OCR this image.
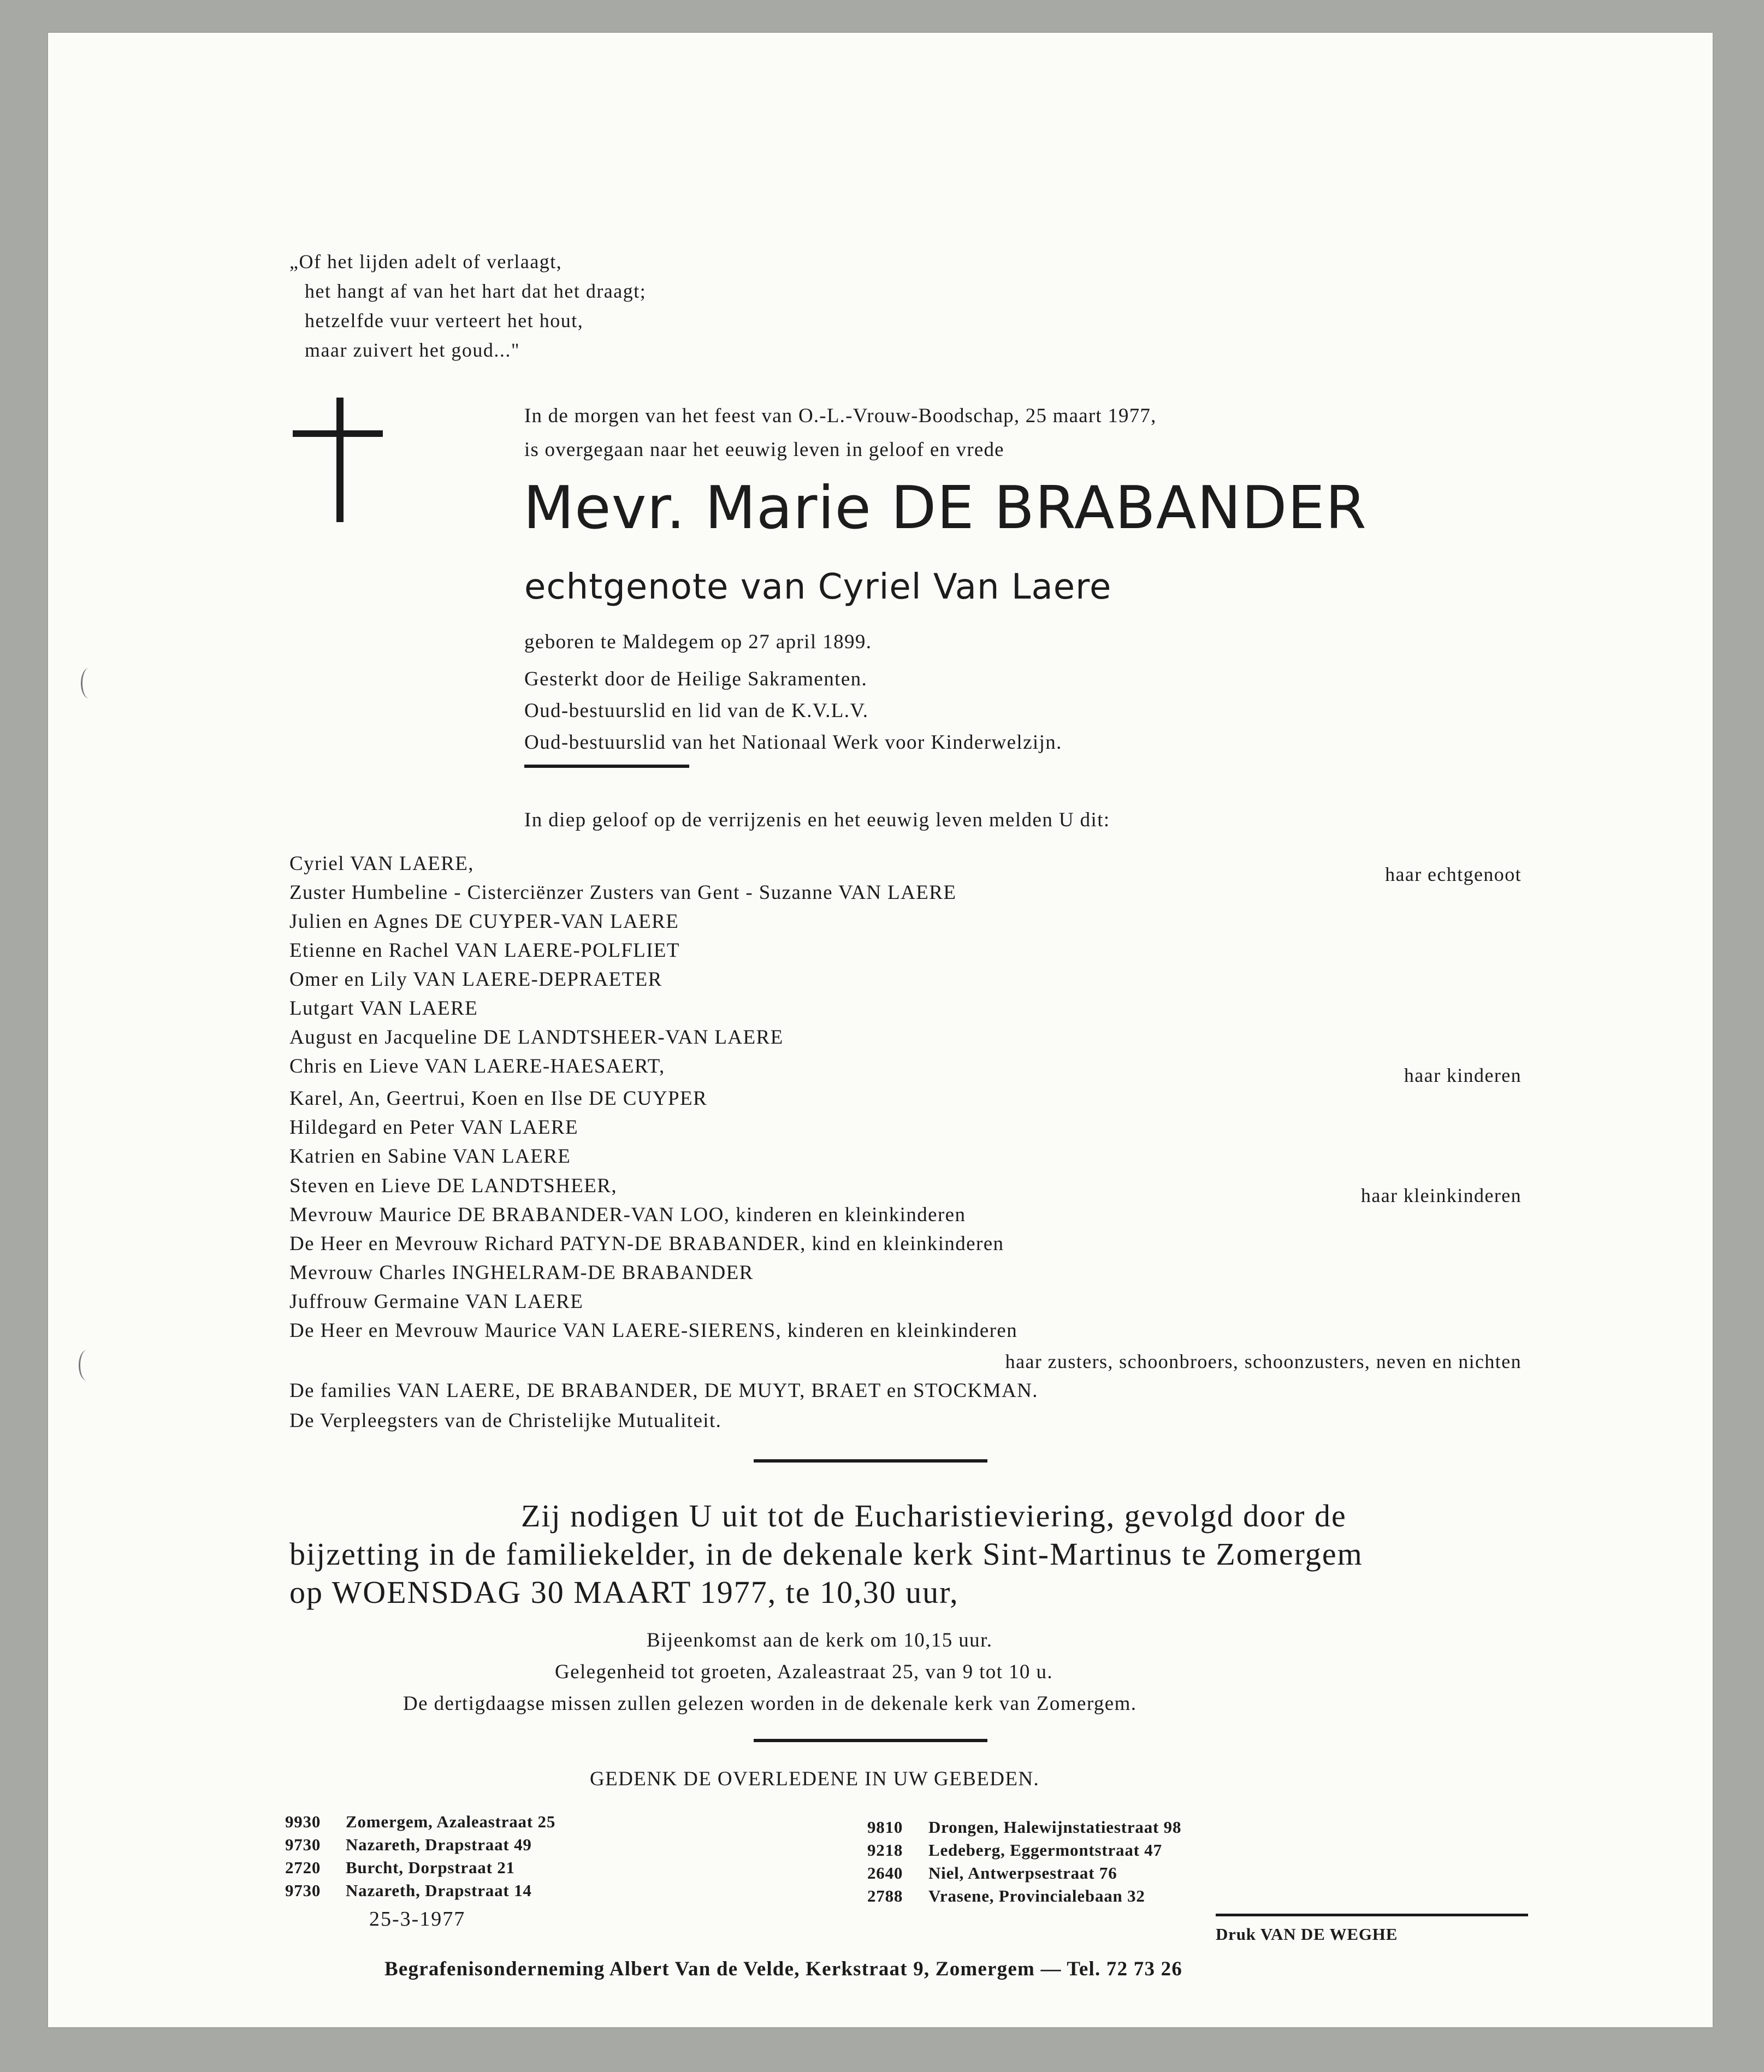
„Of het lijden adelt of verlaagt,
het hangt af van het hart dat het draagt;
hetzelfde vuur verteert het hout,
maar zuivert het goud..."
In de morgen van het feest van O.-L.-Vrouw-Boodschap, 25 maart 1977,
is overgegaan naar het eeuwig leven in geloof en vrede
Mevr. Marie DE BRABANDER
echtgenote van Cyriel Van Laere
geboren te Maldegem op 27 april 1899.
Gesterkt door de Heilige Sakramenten.
Oud-bestuurslid en lid van de K.V.L.V.
Oud-bestuurslid van het Nationaal Werk voor Kinderwelzijn.
In diep geloof op de verrijzenis en het eeuwig leven melden U dit:
Cyriel VAN LAERE,
Zuster Humbeline - Cisterciënzer Zusters van Gent - Suzanne VAN LAERE
Julien en Agnes DE CUYPER-VAN LAERE
Etienne en Rachel VAN LAERE-POLFLIET
Omer en Lily VAN LAERE-DEPRAETER
Lutgart VAN LAERE
August en Jacqueline DE LANDTSHEER-VAN LAERE
Chris en Lieve VAN LAERE-HAESAERT,
Karel, An, Geertrui, Koen en Ilse DE CUYPER
Hildegard en Peter VAN LAERE
Katrien en Sabine VAN LAERE
Steven en Lieve DE LANDTSHEER,
Mevrouw Maurice DE BRABANDER-VAN LOO, kinderen en kleinkinderen
De Heer en Mevrouw Richard PATYN-DE BRABANDER, kind en kleinkinderen
Mevrouw Charles INGHELRAM-DE BRABANDER
Juffrouw Germaine VAN LAERE
De Heer en Mevrouw Maurice VAN LAERE-SIERENS, kinderen en kleinkinderen
haar echtgenoot
haar kinderen
haar kleinkinderen
haar zusters, schoonbroers, schoonzusters, neven en nichten
De families VAN LAERE, DE BRABANDER, DE MUYT, BRAET en STOCKMAN.
De Verpleegsters van de Christelijke Mutualiteit.
Zij nodigen U uit tot de Eucharistieviering, gevolgd door de
bijzetting in de familiekelder, in de dekenale kerk Sint-Martinus te Zomergem
op WOENSDAG 30 MAART 1977, te 10,30 uur,
Bijeenkomst aan de kerk om 10,15 uur.
Gelegenheid tot groeten, Azaleastraat 25, van 9 tot 10 u.
De dertigdaagse missen zullen gelezen worden in de dekenale kerk van Zomergem.
GEDENK DE OVERLEDENE IN UW GEBEDEN.
9930 Zomergem, Azaleastraat 25
9730 Nazareth, Drapstraat 49
2720 Burcht, Dorpstraat 21
9730 Nazareth, Drapstraat 14
9810 Drongen, Halewijnstatiestraat 98
9218 Ledeberg, Eggermontstraat 47
2640 Niel, Antwerpsestraat 76
2788 Vrasene, Provincialebaan 32
25-3-1977
Druk VAN DE WEGHE
Begrafenisonderneming Albert Van de Velde, Kerkstraat 9, Zomergem — Tel. 72 73 26
